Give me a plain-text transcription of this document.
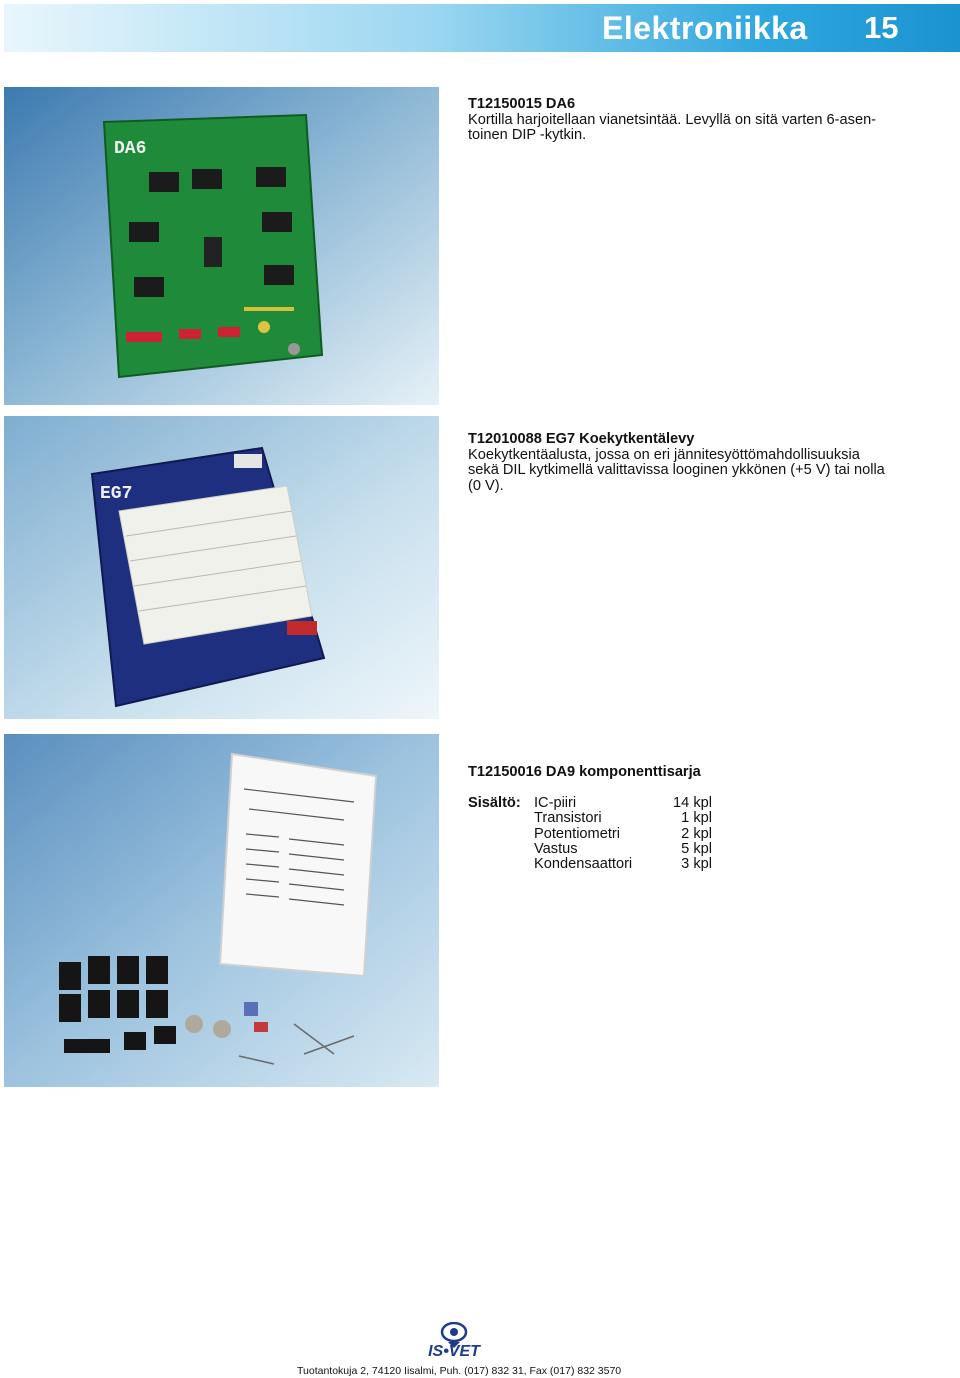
Elektroniikka 15
DA6
EG7
T12150015 DA6
Kortilla harjoitellaan vianetsintää. Levyllä on sitä varten 6-asen-
toinen DIP -kytkin.
T12010088 EG7 Koekytkentälevy
Koekytkentäalusta, jossa on eri jännitesyöttömahdollisuuksia
sekä DIL kytkimellä valittavissa looginen ykkönen (+5 V) tai nolla
(0 V).
T12150016 DA9 komponenttisarja
Sisältö: IC-piiri	14 kpl
Transistori	1 kpl
Potentiometri	2 kpl
Vastus	5 kpl
Kondensaattori	3 kpl
IS•VET
Tuotantokuja 2, 74120 Iisalmi, Puh. (017) 832 31, Fax (017) 832 3570
